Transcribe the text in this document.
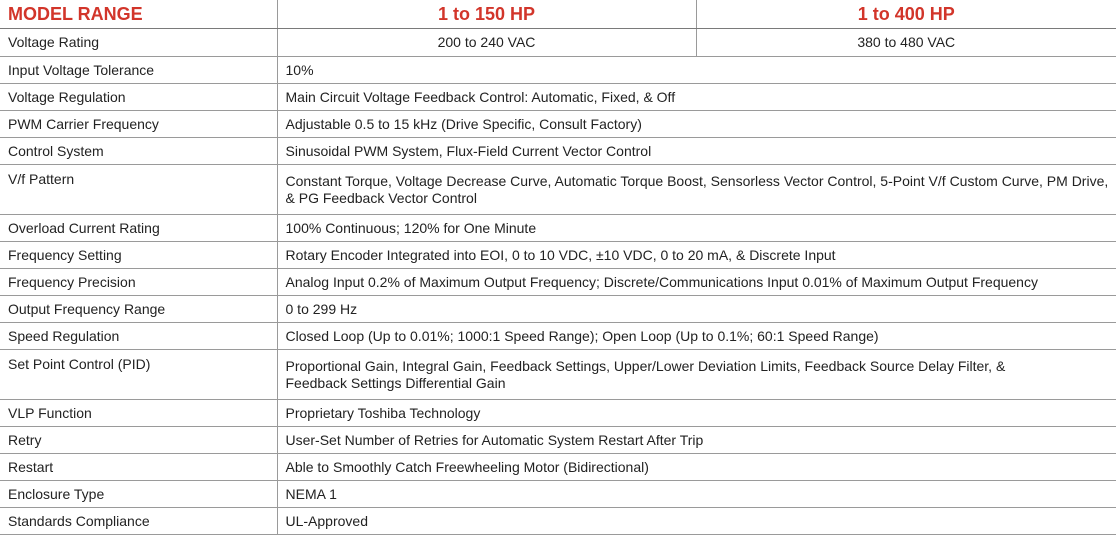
MODEL RANGE	1 to 150 HP	1 to 400 HP
Voltage Rating	200 to 240 VAC	380 to 480 VAC
Input Voltage Tolerance	10%	
Voltage Regulation	Main Circuit Voltage Feedback Control: Automatic, Fixed, & Off	
PWM Carrier Frequency	Adjustable 0.5 to 15 kHz (Drive Specific, Consult Factory)	
Control System	Sinusoidal PWM System, Flux-Field Current Vector Control	
V/f Pattern	Constant Torque, Voltage Decrease Curve, Automatic Torque Boost, Sensorless Vector Control, 5-Point V/f Custom Curve, PM Drive, & PG Feedback Vector Control	
Overload Current Rating	100% Continuous; 120% for One Minute	
Frequency Setting	Rotary Encoder Integrated into EOI, 0 to 10 VDC, ±10 VDC, 0 to 20 mA, & Discrete Input	
Frequency Precision	Analog Input 0.2% of Maximum Output Frequency; Discrete/Communications Input 0.01% of Maximum Output Frequency	
Output Frequency Range	0 to 299 Hz	
Speed Regulation	Closed Loop (Up to 0.01%; 1000:1 Speed Range); Open Loop (Up to 0.1%; 60:1 Speed Range)	
Set Point Control (PID)	Proportional Gain, Integral Gain, Feedback Settings, Upper/Lower Deviation Limits, Feedback Source Delay Filter, & Feedback Settings Differential Gain	
VLP Function	Proprietary Toshiba Technology	
Retry	User-Set Number of Retries for Automatic System Restart After Trip	
Restart	Able to Smoothly Catch Freewheeling Motor (Bidirectional)	
Enclosure Type	NEMA 1	
Standards Compliance	UL-Approved	
